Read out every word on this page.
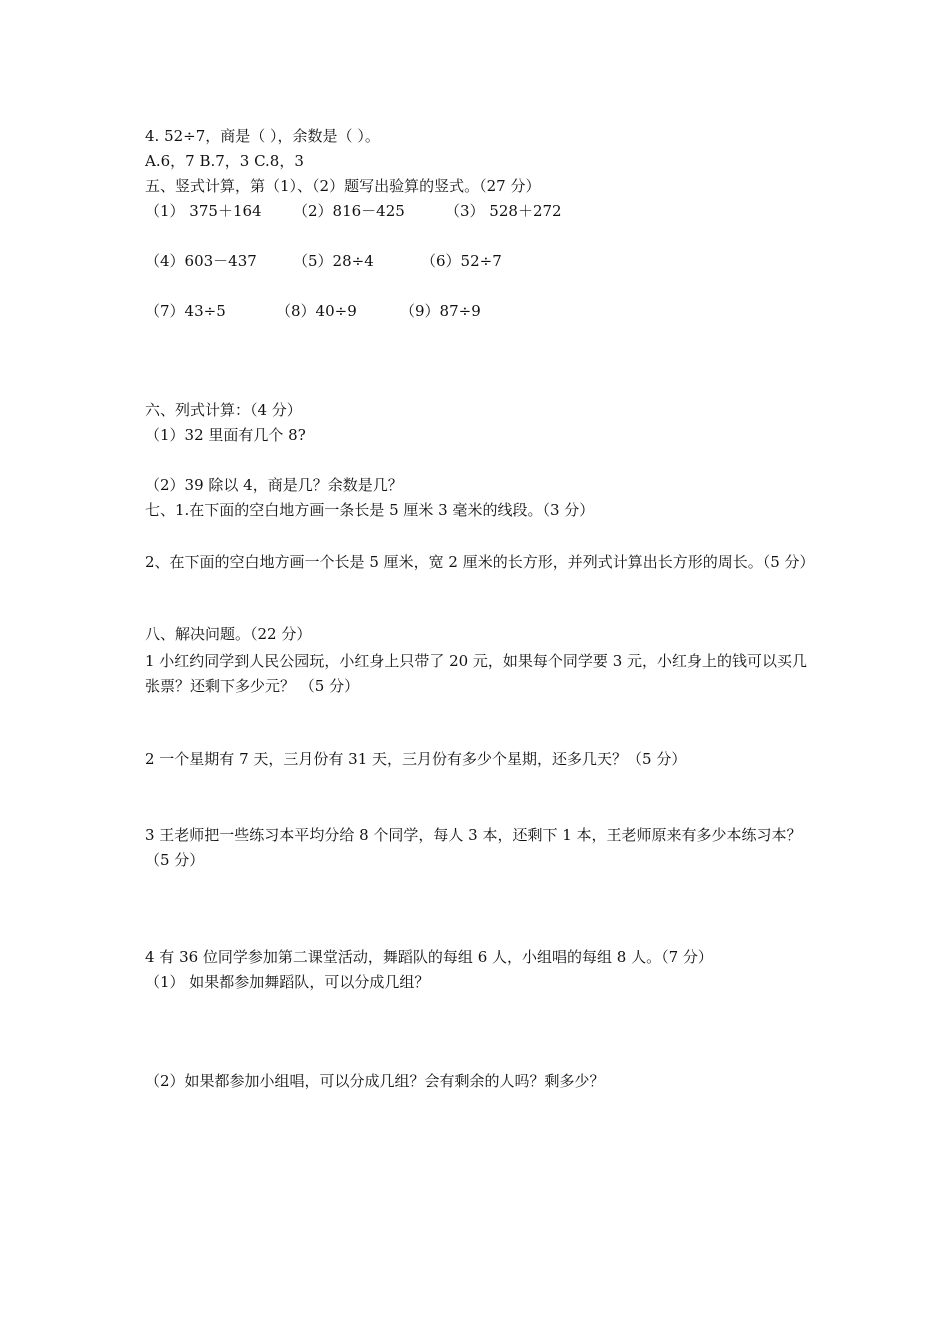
4. 52÷7，商是（ ），余数是（ ）。
A.6，7 B.7，3 C.8，3
五、竖式计算，第（1）、（2）题写出验算的竖式。（27 分）
（1） 375＋164 （2）816－425	（3） 528＋272
（4）603－437 （5）28÷4	（6）52÷7
（7）43÷5	（8）40÷9	（9）87÷9
六、列式计算：（4 分）
（1）32 里面有几个 8?
（2）39 除以 4，商是几？余数是几？
七、1.在下面的空白地方画一条长是 5 厘米 3 毫米的线段。（3 分）
2、在下面的空白地方画一个长是 5 厘米，宽 2 厘米的长方形，并列式计算出长方形的周长。（5 分）
八、解决问题。（22 分）
1 小红约同学到人民公园玩，小红身上只带了 20 元，如果每个同学要 3 元，小红身上的钱可以买几张票？还剩下多少元？ （5 分）
2 一个星期有 7 天，三月份有 31 天，三月份有多少个星期，还多几天？（5 分）
3 王老师把一些练习本平均分给 8 个同学，每人 3 本，还剩下 1 本，王老师原来有多少本练习本？（5 分）
4 有 36 位同学参加第二课堂活动，舞蹈队的每组 6 人，小组唱的每组 8 人。（7 分）
（1） 如果都参加舞蹈队，可以分成几组？
（2）如果都参加小组唱，可以分成几组？会有剩余的人吗？剩多少？
